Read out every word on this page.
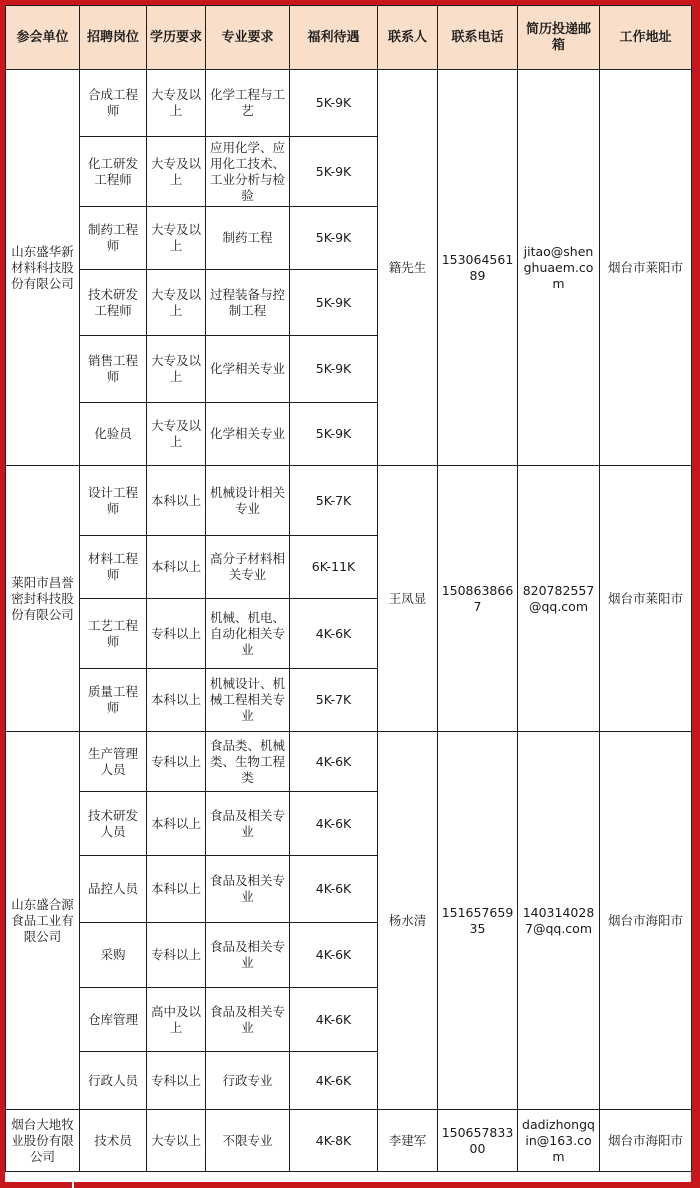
参会单位	招聘岗位	学历要求	专业要求	福利待遇	联系人	联系电话	简历投递邮箱	工作地址
山东盛华新材料科技股份有限公司	合成工程师	大专及以上	化学工程与工艺	5K-9K	籍先生	15306456189	jitao@shenghuaem.com	烟台市莱阳市
	化工研发工程师	大专及以上	应用化学、应用化工技术、工业分析与检验	5K-9K				
	制药工程师	大专及以上	制药工程	5K-9K				
	技术研发工程师	大专及以上	过程装备与控制工程	5K-9K				
	销售工程师	大专及以上	化学相关专业	5K-9K				
	化验员	大专及以上	化学相关专业	5K-9K				
莱阳市昌誉密封科技股份有限公司	设计工程师	本科以上	机械设计相关专业	5K-7K	王凤显	1508638667	820782557@qq.com	烟台市莱阳市
	材料工程师	本科以上	高分子材料相关专业	6K-11K				
	工艺工程师	专科以上	机械、机电、自动化相关专业	4K-6K				
	质量工程师	本科以上	机械设计、机械工程相关专业	5K-7K				
山东盛合源食品工业有限公司	生产管理人员	专科以上	食品类、机械类、生物工程类	4K-6K	杨水清	15165765935	1403140287@qq.com	烟台市海阳市
	技术研发人员	本科以上	食品及相关专业	4K-6K				
	品控人员	本科以上	食品及相关专业	4K-6K				
	采购	专科以上	食品及相关专业	4K-6K				
	仓库管理	高中及以上	食品及相关专业	4K-6K				
	行政人员	专科以上	行政专业	4K-6K				
烟台大地牧业股份有限公司	技术员	大专以上	不限专业	4K-8K	李建军	15065783300	dadizhongqin@163.com	烟台市海阳市
